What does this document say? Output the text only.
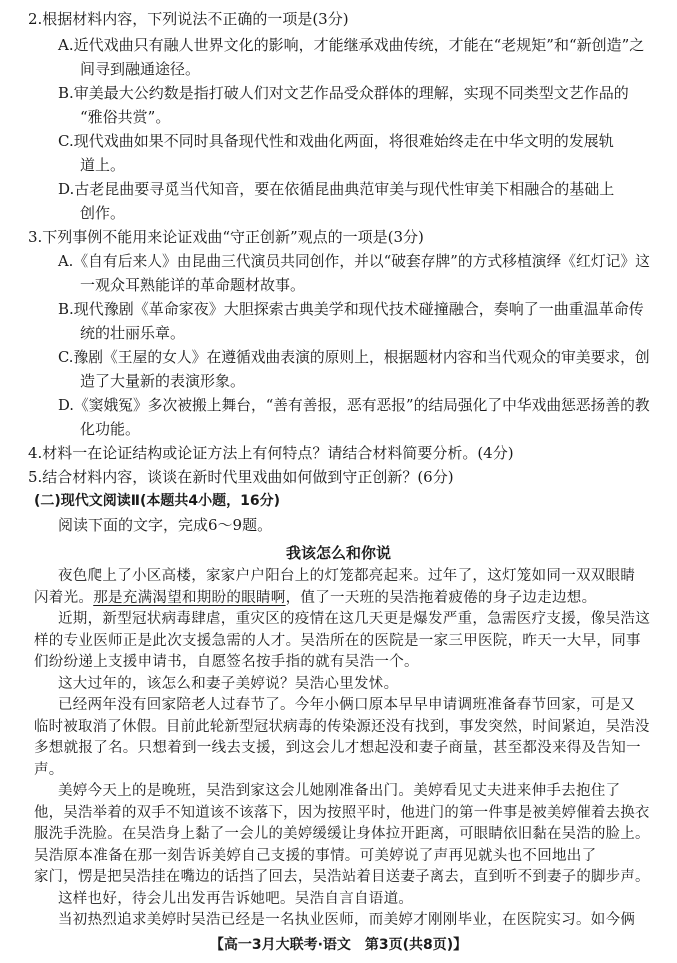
2.根据材料内容，下列说法不正确的一项是(3分)
A.近代戏曲只有融人世界文化的影响，才能继承戏曲传统，才能在“老规矩”和“新创造”之
间寻到融通途径。
B.审美最大公约数是指打破人们对文艺作品受众群体的理解，实现不同类型文艺作品的
“雅俗共赏”。
C.现代戏曲如果不同时具备现代性和戏曲化两面，将很难始终走在中华文明的发展轨
道上。
D.古老昆曲要寻觅当代知音，要在依循昆曲典范审美与现代性审美下相融合的基础上
创作。
3.下列事例不能用来论证戏曲“守正创新”观点的一项是(3分)
A.《自有后来人》由昆曲三代演员共同创作，并以“破套存牌”的方式移植演绎《红灯记》这
一观众耳熟能详的革命题材故事。
B.现代豫剧《革命家夜》大胆探索古典美学和现代技术碰撞融合，奏响了一曲重温革命传
统的壮丽乐章。
C.豫剧《王屋的女人》在遵循戏曲表演的原则上，根据题材内容和当代观众的审美要求，创
造了大量新的表演形象。
D.《窦娥冤》多次被搬上舞台，“善有善报，恶有恶报”的结局强化了中华戏曲惩恶扬善的教
化功能。
4.材料一在论证结构或论证方法上有何特点？请结合材料简要分析。(4分)
5.结合材料内容，谈谈在新时代里戏曲如何做到守正创新？(6分)
(二)现代文阅读Ⅱ(本题共4小题，16分)
阅读下面的文字，完成6～9题。
我该怎么和你说
夜色爬上了小区高楼，家家户户阳台上的灯笼都亮起来。过年了，这灯笼如同一双双眼睛
闪着光。那是充满渴望和期盼的眼睛啊，值了一天班的吴浩拖着疲倦的身子边走边想。
近期，新型冠状病毒肆虐，重灾区的疫情在这几天更是爆发严重，急需医疗支援，像吴浩这
样的专业医师正是此次支援急需的人才。吴浩所在的医院是一家三甲医院，昨天一大早，同事
们纷纷递上支援申请书，自愿签名按手指的就有吴浩一个。
这大过年的，该怎么和妻子美婷说？吴浩心里发怵。
已经两年没有回家陪老人过春节了。今年小俩口原本早早申请调班准备春节回家，可是又
临时被取消了休假。目前此轮新型冠状病毒的传染源还没有找到，事发突然，时间紧迫，吴浩没
多想就报了名。只想着到一线去支援，到这会儿才想起没和妻子商量，甚至都没来得及告知一
声。
美婷今天上的是晚班，吴浩到家这会儿她刚准备出门。美婷看见丈夫进来伸手去抱住了
他，吴浩举着的双手不知道该不该落下，因为按照平时，他进门的第一件事是被美婷催着去换衣
服洗手洗脸。在吴浩身上黏了一会儿的美婷缓缓让身体拉开距离，可眼睛依旧黏在吴浩的脸上。
吴浩原本准备在那一刻告诉美婷自己支援的事情。可美婷说了声再见就头也不回地出了
家门，愣是把吴浩挂在嘴边的话挡了回去，吴浩站着目送妻子离去，直到听不到妻子的脚步声。
这样也好，待会儿出发再告诉她吧。吴浩自言自语道。
当初热烈追求美婷时吴浩已经是一名执业医师，而美婷才刚刚毕业，在医院实习。如今俩
【高一3月大联考·语文　第3页(共8页)】
